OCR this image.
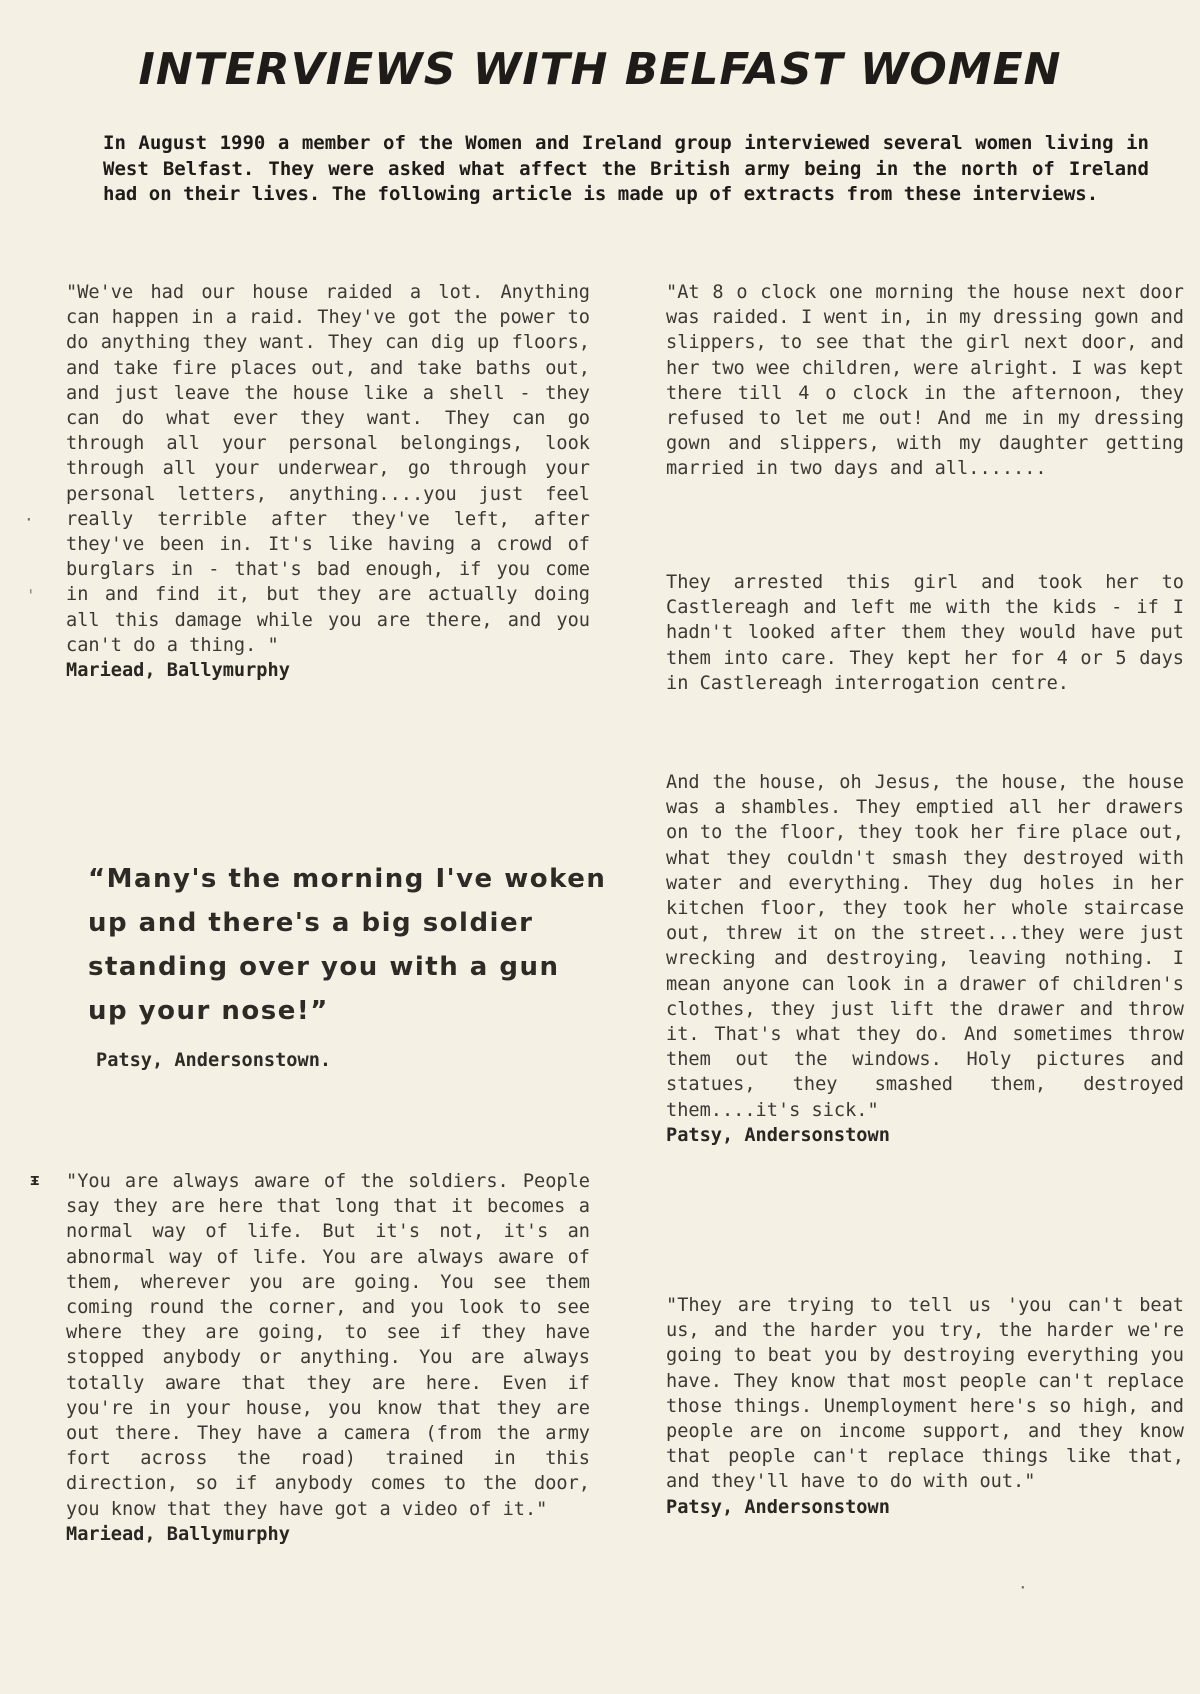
INTERVIEWS WITH BELFAST WOMEN
In August 1990 a member of the Women and Ireland group interviewed several women living in West Belfast. They were asked what affect the British army being in the north of Ireland had on their lives. The following article is made up of extracts from these interviews.

"We've had our house raided a lot. Anything can happen in a raid. They've got the power to do anything they want. They can dig up floors, and take fire places out, and take baths out, and just leave the house like a shell - they can do what ever they want. They can go through all your personal belongings, look through all your underwear, go through your personal letters, anything....you just feel really terrible after they've left, after they've been in. It's like having a crowd of burglars in - that's bad enough, if you come in and find it, but they are actually doing all this damage while you are there, and you can't do a thing. "

Mariead, Ballymurphy

“Many's the morning I've woken up and there's a big soldier standing over you with a gun up your nose!”
Patsy, Andersonstown.

"You are always aware of the soldiers. People say they are here that long that it becomes a normal way of life. But it's not, it's an abnormal way of life. You are always aware of them, wherever you are going. You see them coming round the corner, and you look to see where they are going, to see if they have stopped anybody or anything. You are always totally aware that they are here. Even if you're in your house, you know that they are out there. They have a camera (from the army fort across the road) trained in this direction, so if anybody comes to the door, you know that they have got a video of it."

Mariead, Ballymurphy

"At 8 o clock one morning the house next door was raided. I went in, in my dressing gown and slippers, to see that the girl next door, and her two wee children, were alright. I was kept there till 4 o clock in the afternoon, they refused to let me out! And me in my dressing gown and slippers, with my daughter getting married in two days and all.......

They arrested this girl and took her to Castlereagh and left me with the kids - if I hadn't looked after them they would have put them into care. They kept her for 4 or 5 days in Castlereagh interrogation centre.

And the house, oh Jesus, the house, the house was a shambles. They emptied all her drawers on to the floor, they took her fire place out, what they couldn't smash they destroyed with water and everything. They dug holes in her kitchen floor, they took her whole staircase out, threw it on the street...they were just wrecking and destroying, leaving nothing. I mean anyone can look in a drawer of children's clothes, they just lift the drawer and throw it. That's what they do. And sometimes throw them out the windows. Holy pictures and statues, they smashed them, destroyed them....it's sick."

Patsy, Andersonstown

"They are trying to tell us 'you can't beat us, and the harder you try, the harder we're going to beat you by destroying everything you have. They know that most people can't replace those things. Unemployment here's so high, and people are on income support, and they know that people can't replace things like that, and they'll have to do with out."

Patsy, Andersonstown

·
ˌ
ᵻ
·
